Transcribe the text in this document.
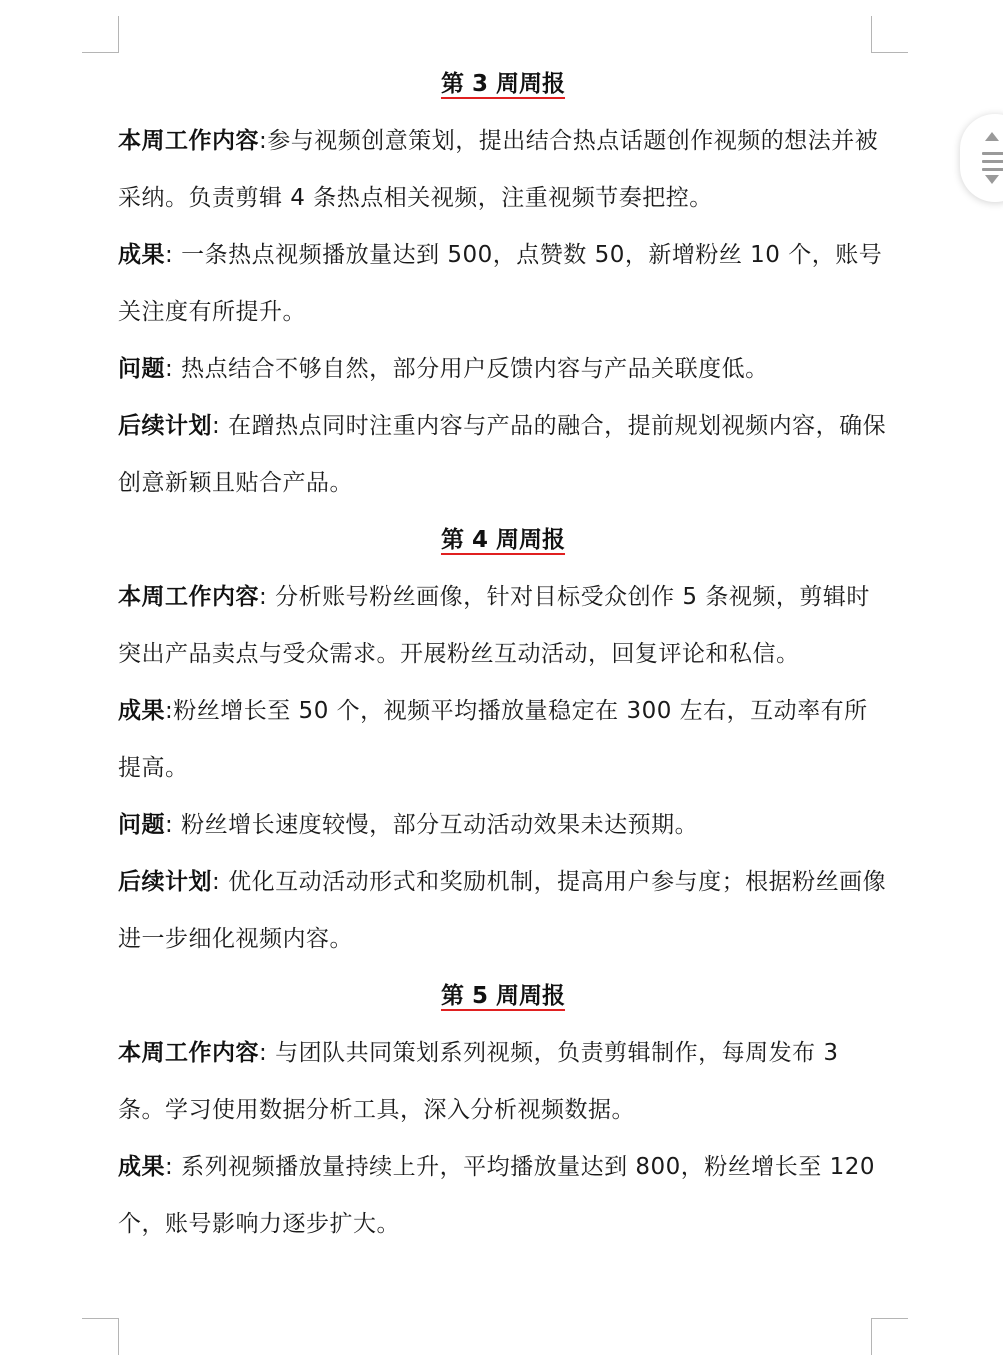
第 3 周周报

本周工作内容:参与视频创意策划，提出结合热点话题创作视频的想法并被采纳。负责剪辑 4 条热点相关视频，注重视频节奏把控。

成果: 一条热点视频播放量达到 500，点赞数 50，新增粉丝 10 个，账号关注度有所提升。

问题: 热点结合不够自然，部分用户反馈内容与产品关联度低。

后续计划: 在蹭热点同时注重内容与产品的融合，提前规划视频内容，确保创意新颖且贴合产品。

第 4 周周报

本周工作内容: 分析账号粉丝画像，针对目标受众创作 5 条视频，剪辑时突出产品卖点与受众需求。开展粉丝互动活动，回复评论和私信。

成果:粉丝增长至 50 个，视频平均播放量稳定在 300 左右，互动率有所提高。

问题: 粉丝增长速度较慢，部分互动活动效果未达预期。

后续计划: 优化互动活动形式和奖励机制，提高用户参与度；根据粉丝画像进一步细化视频内容。

第 5 周周报

本周工作内容: 与团队共同策划系列视频，负责剪辑制作，每周发布 3 条。学习使用数据分析工具，深入分析视频数据。

成果: 系列视频播放量持续上升，平均播放量达到 800，粉丝增长至 120 个，账号影响力逐步扩大。
